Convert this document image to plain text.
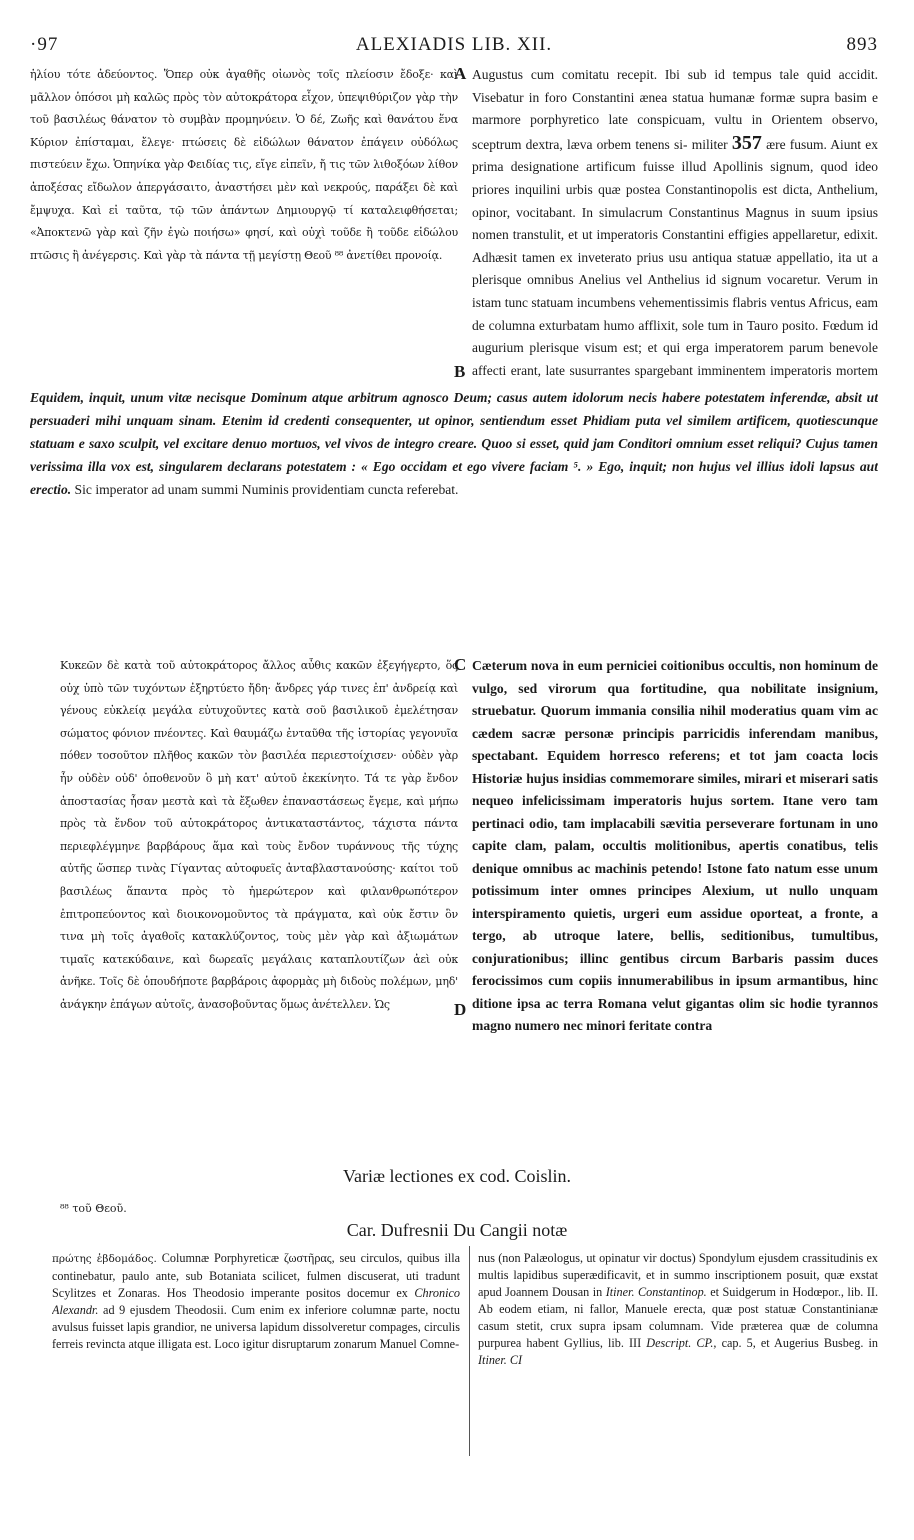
·97	ALEXIADIS LIB. XII.	893

ἡλίου τότε ἀδεύοντος. Ὅπερ οὐκ ἀγαθῆς οἰωνὸς τοῖς πλείοσιν ἔδοξε· καὶ μᾶλλον ὁπόσοι μὴ καλῶς πρὸς τὸν αὐτοκράτορα εἶχον, ὑπεψιθύριζον γὰρ τὴν τοῦ βασιλέως θάνατον τὸ συμβὰν προμηνύειν. Ὁ δέ, Ζωῆς καὶ θανάτου ἕνα Κύριον ἐπίσταμαι, ἔλεγε· πτώσεις δὲ εἰδώλων θάνατον ἐπάγειν οὐδόλως πιστεύειν ἔχω. Ὁπηνίκα γὰρ Φειδίας τις, εἴγε εἰπεῖν, ἤ τις τῶν λιθοξόων λίθον ἀποξέσας εἴδωλον ἀπεργάσαιτο, ἀναστήσει μὲν καὶ νεκρούς, παράξει δὲ καὶ ἔμψυχα. Καὶ εἰ ταῦτα, τῷ τῶν ἁπάντων Δημιουργῷ τί καταλειφθήσεται; «Ἀποκτενῶ γὰρ καὶ ζῆν ἐγὼ ποιήσω» φησί, καὶ οὐχὶ τοῦδε ἢ τοῦδε εἰδώλου πτῶσις ἢ ἀνέγερσις. Καὶ γὰρ τὰ πάντα τῇ μεγίστῃ Θεοῦ ⁸⁸ ἀνετίθει προνοίᾳ.

A
B

Augustus cum comitatu recepit. Ibi sub id tempus tale quid accidit. Visebatur in foro Constantini ænea statua humanæ formæ supra basim e marmore porphyretico late conspicuam, vultu in Orientem observo, sceptrum dextra, læva orbem tenens si- militer 357 ære fusum. Aiunt ex prima designatione artificum fuisse illud Apollinis signum, quod ideo priores inquilini urbis quæ postea Constantinopolis est dicta, Anthelium, opinor, vocitabant. In simulacrum Constantinus Magnus in suum ipsius nomen transtulit, et ut imperatoris Constantini effigies appellaretur, edixit. Adhæsit tamen ex inveterato prius usu antiqua statuæ appellatio, ita ut a plerisque omnibus Anelius vel Anthelius id signum vocaretur. Verum in istam tunc statuam incumbens vehementissimis flabris ventus Africus, eam de columna exturbatam humo afflixit, sole tum in Tauro posito. Fœdum id augurium plerisque visum est; et qui erga imperatorem parum benevole affecti erant, late susurrantes spargebant imminentem imperatoris mortem

Equidem, inquit, unum vitæ necisque Dominum atque arbitrum agnosco Deum; casus autem idolorum necis habere potestatem inferendæ, absit ut persuaderi mihi unquam sinam. Etenim id credenti consequenter, ut opinor, sentiendum esset Phidiam puta vel similem artificem, quotiescunque statuam e saxo sculpit, vel excitare denuo mortuos, vel vivos de integro creare. Quoo si esset, quid jam Conditori omnium esset reliqui? Cujus tamen verissima illa vox est, singularem declarans potestatem : « Ego occidam et ego vivere faciam ⁵. » Ego, inquit; non hujus vel illius idoli lapsus aut erectio. Sic imperator ad unam summi Numinis providentiam cuncta referebat.

Κυκεῶν δὲ κατὰ τοῦ αὐτοκράτορος ἄλλος αὖθις κακῶν ἐξεγήγερτο, ὅς οὐχ ὑπὸ τῶν τυχόντων ἐξηρτύετο ἤδη· ἄνδρες γάρ τινες ἐπ' ἀνδρείᾳ καὶ γένους εὐκλείᾳ μεγάλα εὐτυχοῦντες κατὰ σοῦ βασιλικοῦ ἐμελέτησαν σώματος φόνιον πνέοντες. Καὶ θαυμάζω ἐνταῦθα τῆς ἱστορίας γεγονυῖα πόθεν τοσοῦτον πλῆθος κακῶν τὸν βασιλέα περιεστοίχισεν· οὐδὲν γὰρ ἦν οὐδὲν οὐδ' ὁποθενοῦν ὃ μὴ κατ' αὐτοῦ ἐκεκίνητο. Τά τε γὰρ ἔνδον ἀποστασίας ἦσαν μεστὰ καὶ τὰ ἔξωθεν ἐπαναστάσεως ἔγεμε, καὶ μήπω πρὸς τὰ ἔνδον τοῦ αὐτοκράτορος ἀντικαταστάντος, τάχιστα πάντα περιεφλέγμηνε βαρβάρους ἅμα καὶ τοὺς ἔνδον τυράννους τῆς τύχης αὐτῆς ὥσπερ τινὰς Γίγαντας αὐτοφυεῖς ἀνταβλαστανούσης· καίτοι τοῦ βασιλέως ἅπαντα πρὸς τὸ ἡμερώτερον καὶ φιλανθρωπότερον ἐπιτροπεύοντος καὶ διοικονομοῦντος τὰ πράγματα, καὶ οὐκ ἔστιν ὃν τινα μὴ τοῖς ἀγαθοῖς κατακλύζοντος, τοὺς μὲν γὰρ καὶ ἀξιωμάτων τιμαῖς κατεκύδαινε, καὶ δωρεαῖς μεγάλαις καταπλουτίζων ἀεὶ οὐκ ἀνῆκε. Τοῖς δὲ ὁπουδήποτε βαρβάροις ἀφορμὰς μὴ διδοὺς πολέμων, μηδ' ἀνάγκην ἐπάγων αὐτοῖς, ἀνασοβοῦντας ὅμως ἀνέτελλεν. Ὡς

C
D

Cæterum nova in eum perniciei coitionibus occultis, non hominum de vulgo, sed virorum qua fortitudine, qua nobilitate insignium, struebatur. Quorum immania consilia nihil moderatius quam vim ac cædem sacræ personæ principis parricidis inferendam manibus, spectabant. Equidem horresco referens; et tot jam coacta locis Historiæ hujus insidias commemorare similes, mirari et miserari satis nequeo infelicissimam imperatoris hujus sortem. Itane vero tam pertinaci odio, tam implacabili sævitia perseverare fortunam in uno capite clam, palam, occultis molitionibus, apertis conatibus, telis denique omnibus ac machinis petendo! Istone fato natum esse unum potissimum inter omnes principes Alexium, ut nullo unquam interspiramento quietis, urgeri eum assidue oporteat, a fronte, a tergo, ab utroque latere, bellis, seditionibus, tumultibus, conjurationibus; illinc gentibus circum Barbaris passim duces ferocissimos cum copiis innumerabilibus in ipsum armantibus, hinc ditione ipsa ac terra Romana velut gigantas olim sic hodie tyrannos magno numero nec minori feritate contra

Variæ lectiones ex cod. Coislin.
⁸⁸ τοῦ Θεοῦ.
Car. Dufresnii Du Cangii notæ

πρώτης ἑβδομάδος. Columnæ Porphyreticæ ζωστῆρας, seu circulos, quibus illa continebatur, paulo ante, sub Botaniata scilicet, fulmen discuserat, uti tradunt Scylitzes et Zonaras. Hos Theodosio imperante positos docemur ex Chronico Alexandr. ad 9 ejusdem Theodosii. Cum enim ex inferiore columnæ parte, noctu avulsus fuisset lapis grandior, ne universa lapidum dissolveretur compages, circulis ferreis revincta atque illigata est. Loco igitur disruptarum zonarum Manuel Comne-

nus (non Palæologus, ut opinatur vir doctus) Spondylum ejusdem crassitudinis ex multis lapidibus superædificavit, et in summo inscriptionem posuit, quæ exstat apud Joannem Dousan in Itiner. Constantinop. et Suidgerum in Hodœpor., lib. II. Ab eodem etiam, ni fallor, Manuele erecta, quæ post statuæ Constantinianæ casum stetit, crux supra ipsam columnam. Vide præterea quæ de columna purpurea habent Gyllius, lib. III Descript. CP., cap. 5, et Augerius Busbeg. in Itiner. CI
